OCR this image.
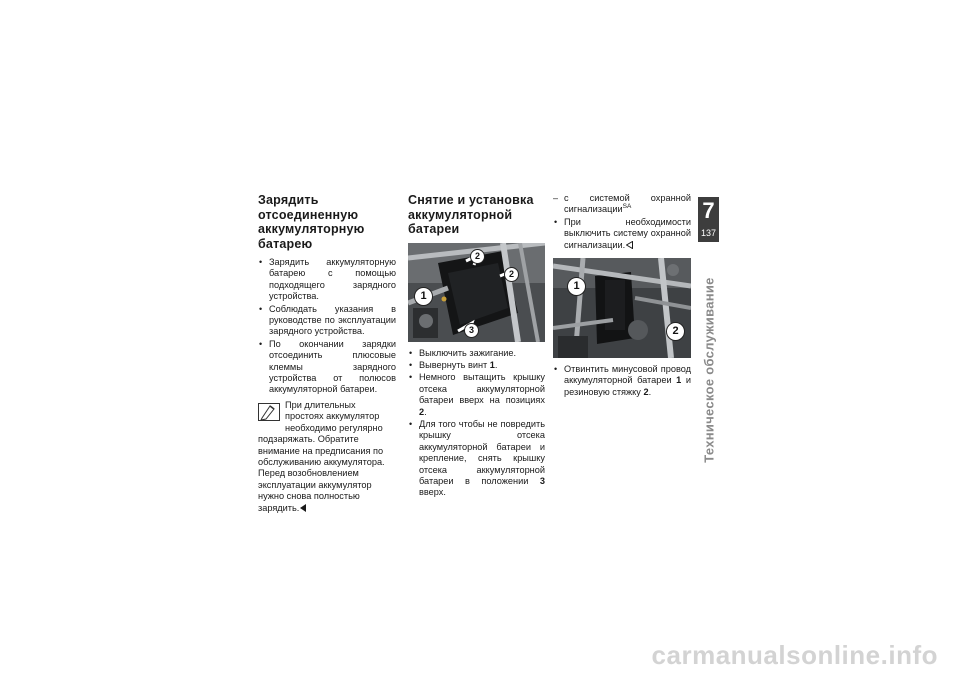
Зарядить отсоединенную аккумуляторную батарею
• Зарядить аккумуляторную батарею с помощью подходящего зарядного устройства.
• Соблюдать указания в руководстве по эксплуатации зарядного устройства.
• По окончании зарядки отсоединить плюсовые клеммы зарядного устройства от полюсов аккумуляторной батареи.
При длительных простоях аккумулятор необходимо регулярно подзаряжать. Обратите внимание на предписания по обслуживанию аккумулятора. Перед возобновлением эксплуатации аккумулятор нужно снова полностью зарядить.
Снятие и установка аккумуляторной батареи
1
2
2
3
• Выключить зажигание.
• Вывернуть винт 1.
• Немного вытащить крышку отсека аккумуляторной батареи вверх на позициях 2.
• Для того чтобы не повредить крышку отсека аккумуляторной батареи и крепление, снять крышку отсека аккумуляторной батареи в положении 3 вверх.
– с системой охранной сигнализации$^{SA}$
• При необходимости выключить систему охранной сигнализации.
1
2
• Отвинтить минусовой провод аккумуляторной батареи 1 и резиновую стяжку 2.
7
137
Техническое обслуживание
carmanualsonline.info
